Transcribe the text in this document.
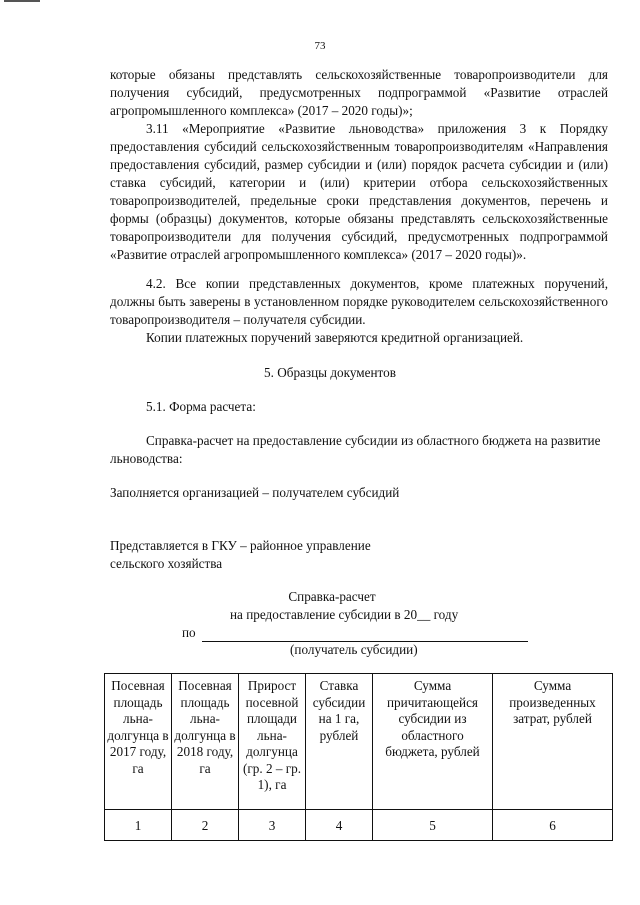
73

которые обязаны представлять сельскохозяйственные товаропроизводители для получения субсидий, предусмотренных подпрограммой «Развитие отраслей агропромышленного комплекса» (2017 – 2020 годы)»;

3.11 «Мероприятие «Развитие льноводства» приложения 3 к Порядку предоставления субсидий сельскохозяйственным товаропроизводителям «Направления предоставления субсидий, размер субсидии и (или) порядок расчета субсидии и (или) ставка субсидий, категории и (или) критерии отбора сельскохозяйственных товаропроизводителей, предельные сроки представления документов, перечень и формы (образцы) документов, которые обязаны представлять сельскохозяйственные товаропроизводители для получения субсидий, предусмотренных подпрограммой «Развитие отраслей агропромышленного комплекса» (2017 – 2020 годы)».

4.2. Все копии представленных документов, кроме платежных поручений, должны быть заверены в установленном порядке руководителем сельскохозяйственного товаропроизводителя – получателя субсидии.

Копии платежных поручений заверяются кредитной организацией.

5. Образцы документов

5.1. Форма расчета:

Справка-расчет на предоставление субсидии из областного бюджета на развитие льноводства:

Заполняется организацией – получателем субсидий

Представляется в ГКУ – районное управление сельского хозяйства

Справка-расчет
на предоставление субсидии в 20__ году
по
(получатель субсидии)
Посевная площадь льна-долгунца в 2017 году, га	Посевная площадь льна-долгунца в 2018 году, га	Прирост посевной площади льна-долгунца (гр. 2 – гр. 1), га	Ставка субсидии на 1 га, рублей	Сумма причитающейся субсидии из областного бюджета, рублей	Сумма произведенных затрат, рублей
1	2	3	4	5	6
